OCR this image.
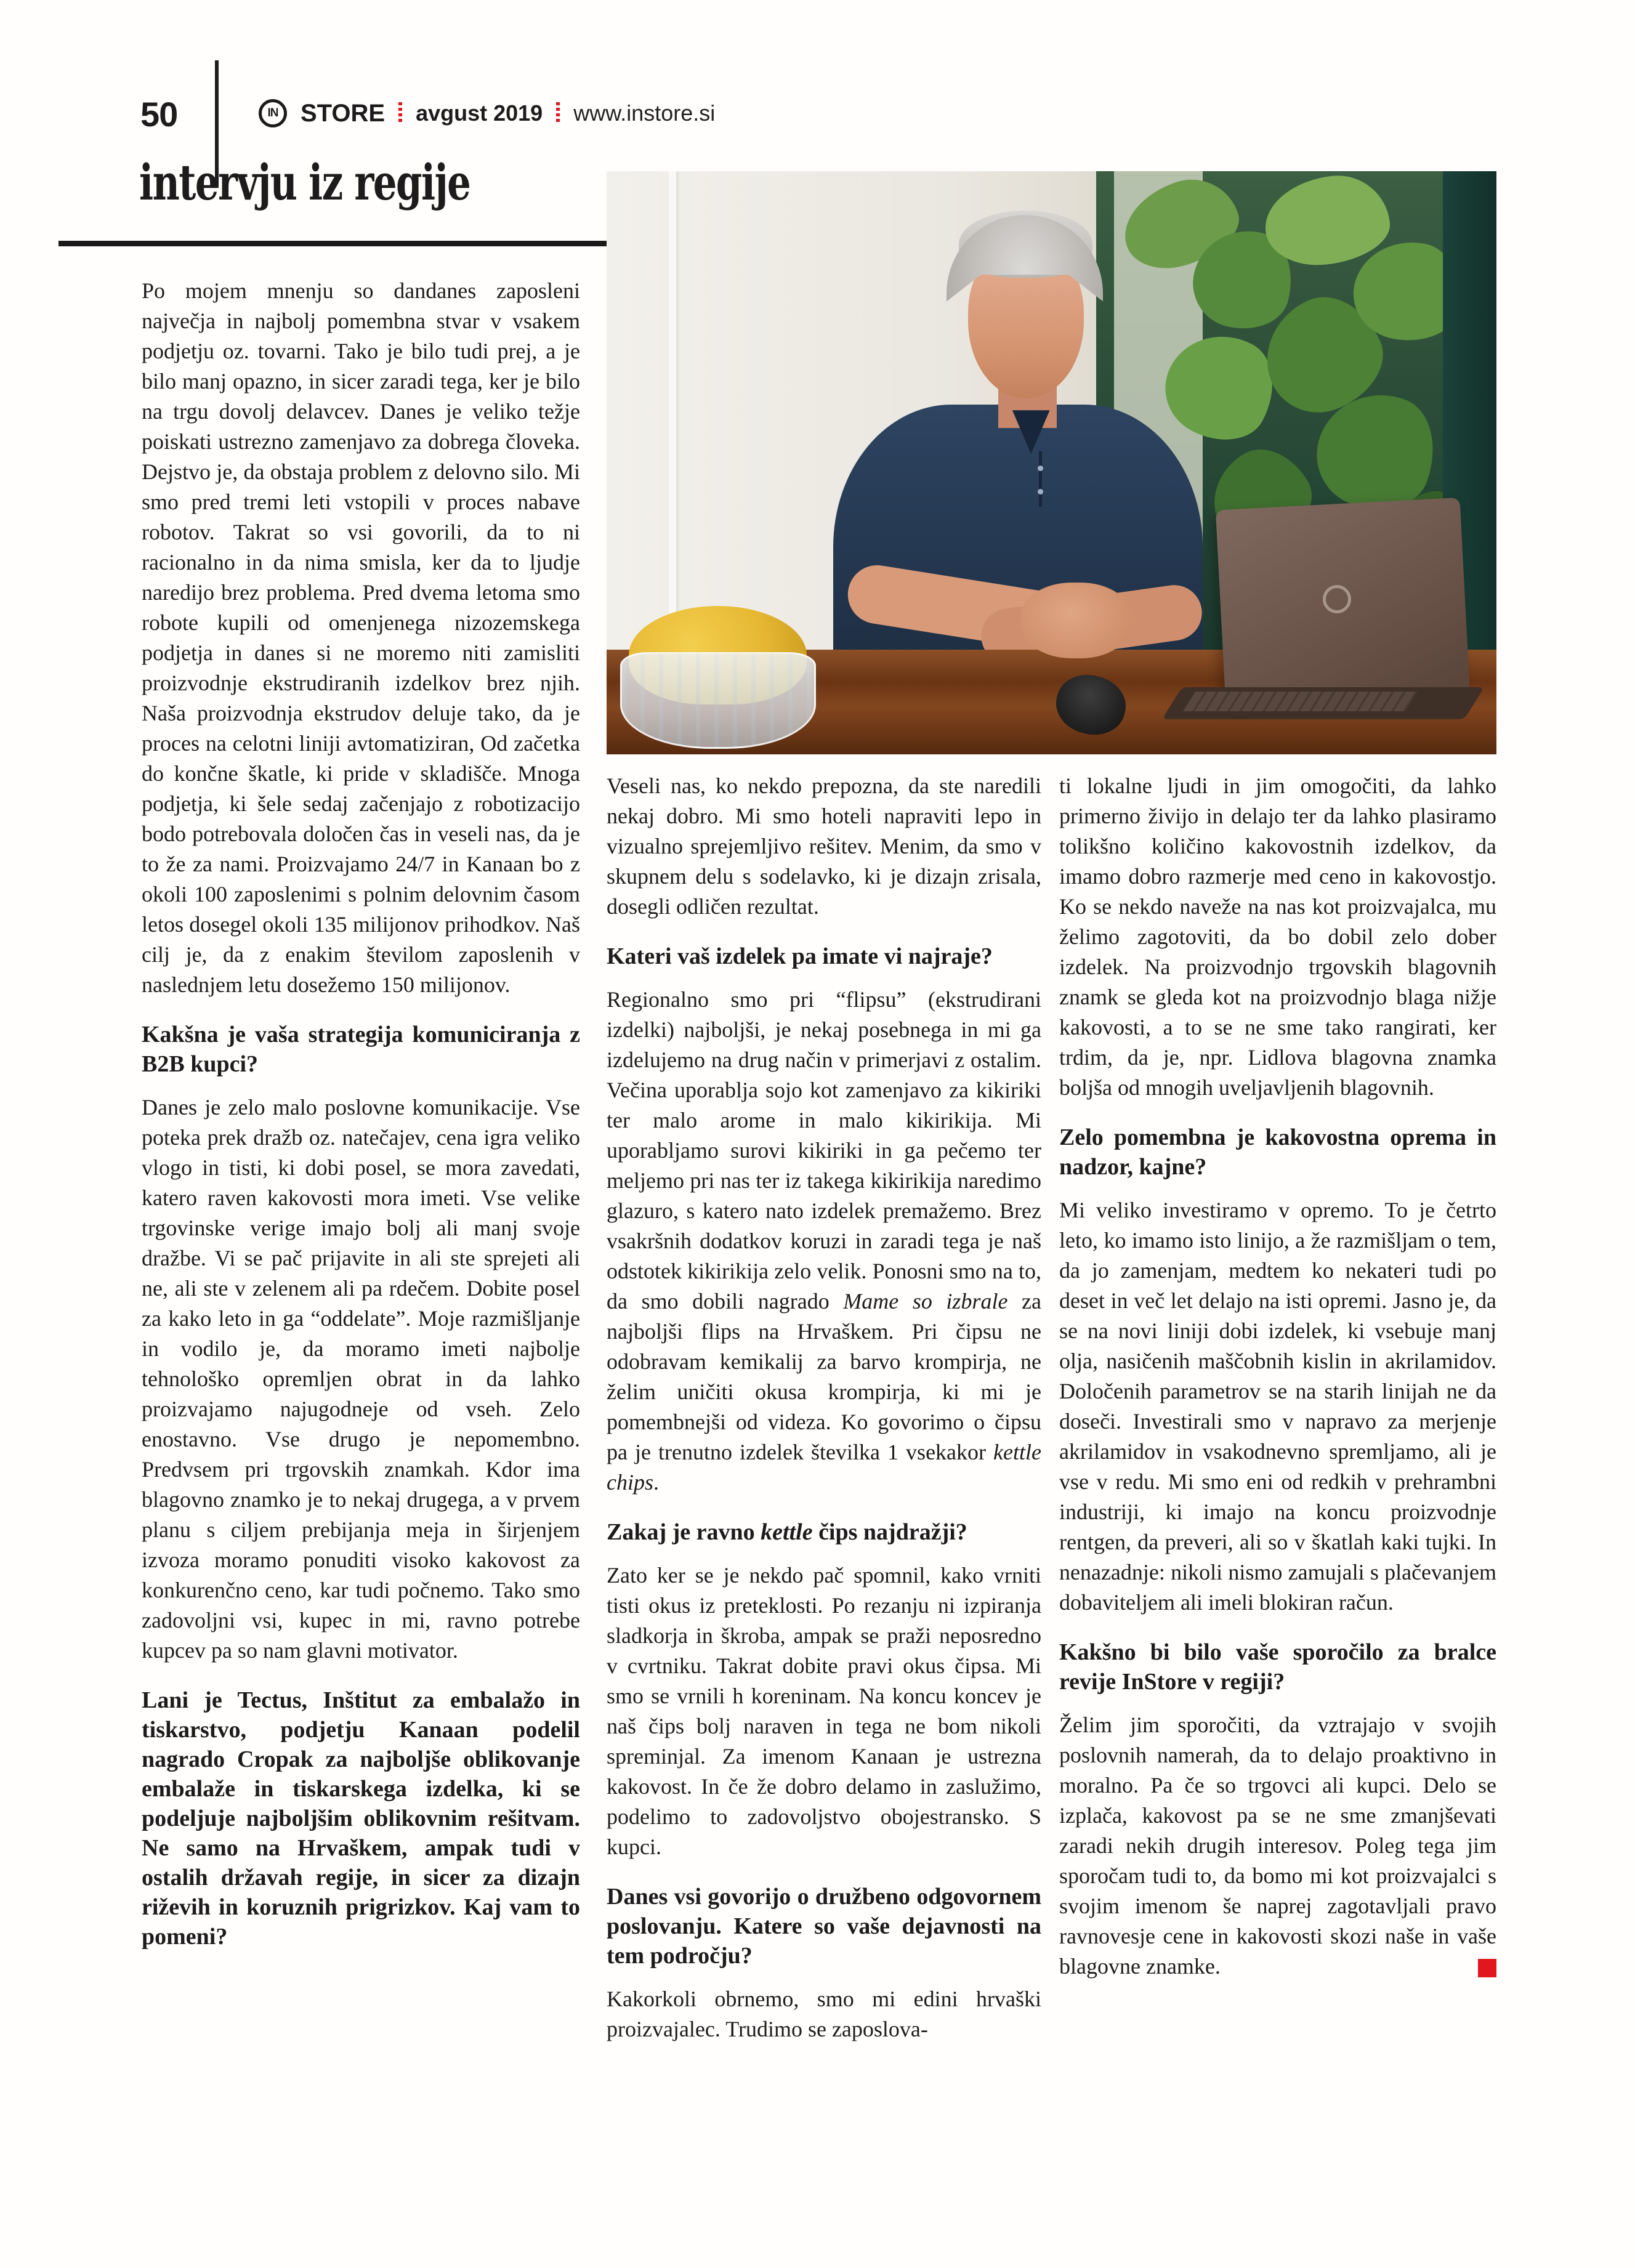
50	IN STORE avgust 2019 www.instore.si
intervju iz regije

Po mojem mnenju so dandanes zaposleni največja in najbolj pomembna stvar v vsakem podjetju oz. tovarni. Tako je bilo tudi prej, a je bilo manj opazno, in sicer zaradi tega, ker je bilo na trgu dovolj delavcev. Danes je veliko težje poiskati ustrezno zamenjavo za dobrega človeka. Dejstvo je, da obstaja problem z delovno silo. Mi smo pred tremi leti vstopili v proces nabave robotov. Takrat so vsi govorili, da to ni racionalno in da nima smisla, ker da to ljudje naredijo brez problema. Pred dvema letoma smo robote kupili od omenjenega nizozemskega podjetja in danes si ne moremo niti zamisliti proizvodnje ekstrudiranih izdelkov brez njih. Naša proizvodnja ekstrudov deluje tako, da je proces na celotni liniji avtomatiziran, Od začetka do končne škatle, ki pride v skladišče. Mnoga podjetja, ki šele sedaj začenjajo z robotizacijo bodo potrebovala določen čas in veseli nas, da je to že za nami. Proizvajamo 24/7 in Kanaan bo z okoli 100 zaposlenimi s polnim delovnim časom letos dosegel okoli 135 milijonov prihodkov. Naš cilj je, da z enakim številom zaposlenih v naslednjem letu dosežemo 150 milijonov.

Kakšna je vaša strategija komuniciranja z B2B kupci?

Danes je zelo malo poslovne komunikacije. Vse poteka prek dražb oz. natečajev, cena igra veliko vlogo in tisti, ki dobi posel, se mora zavedati, katero raven kakovosti mora imeti. Vse velike trgovinske verige imajo bolj ali manj svoje dražbe. Vi se pač prijavite in ali ste sprejeti ali ne, ali ste v zelenem ali pa rdečem. Dobite posel za kako leto in ga “oddelate”. Moje razmišljanje in vodilo je, da moramo imeti najbolje tehnološko opremljen obrat in da lahko proizvajamo najugodneje od vseh. Zelo enostavno. Vse drugo je nepomembno. Predvsem pri trgovskih znamkah. Kdor ima blagovno znamko je to nekaj drugega, a v prvem planu s ciljem prebijanja meja in širjenjem izvoza moramo ponuditi visoko kakovost za konkurenčno ceno, kar tudi počnemo. Tako smo zadovoljni vsi, kupec in mi, ravno potrebe kupcev pa so nam glavni motivator.

Lani je Tectus, Inštitut za embalažo in tiskarstvo, podjetju Kanaan podelil nagrado Cropak za najboljše oblikovanje embalaže in tiskarskega izdelka, ki se podeljuje najboljšim oblikovnim rešitvam. Ne samo na Hrvaškem, ampak tudi v ostalih državah regije, in sicer za dizajn riževih in koruznih prigrizkov. Kaj vam to pomeni?

Veseli nas, ko nekdo prepozna, da ste naredili nekaj dobro. Mi smo hoteli napraviti lepo in vizualno sprejemljivo rešitev. Menim, da smo v skupnem delu s sodelavko, ki je dizajn zrisala, dosegli odličen rezultat.

Kateri vaš izdelek pa imate vi najraje?

Regionalno smo pri “flipsu” (ekstrudirani izdelki) najboljši, je nekaj posebnega in mi ga izdelujemo na drug način v primerjavi z ostalim. Večina uporablja sojo kot zamenjavo za kikiriki ter malo arome in malo kikirikija. Mi uporabljamo surovi kikiriki in ga pečemo ter meljemo pri nas ter iz takega kikirikija naredimo glazuro, s katero nato izdelek premažemo. Brez vsakršnih dodatkov koruzi in zaradi tega je naš odstotek kikirikija zelo velik. Ponosni smo na to, da smo dobili nagrado Mame so izbrale za najboljši flips na Hrvaškem. Pri čipsu ne odobravam kemikalij za barvo krompirja, ne želim uničiti okusa krompirja, ki mi je pomembnejši od videza. Ko govorimo o čipsu pa je trenutno izdelek številka 1 vsekakor kettle chips.

Zakaj je ravno kettle čips najdražji?

Zato ker se je nekdo pač spomnil, kako vrniti tisti okus iz preteklosti. Po rezanju ni izpiranja sladkorja in škroba, ampak se praži neposredno v cvrtniku. Takrat dobite pravi okus čipsa. Mi smo se vrnili h koreninam. Na koncu koncev je naš čips bolj naraven in tega ne bom nikoli spreminjal. Za imenom Kanaan je ustrezna kakovost. In če že dobro delamo in zaslužimo, podelimo to zadovoljstvo obojestransko. S kupci.

Danes vsi govorijo o družbeno odgovornem poslovanju. Katere so vaše dejavnosti na tem področju?

Kakorkoli obrnemo, smo mi edini hrvaški proizvajalec. Trudimo se zaposlova-

ti lokalne ljudi in jim omogočiti, da lahko primerno živijo in delajo ter da lahko plasiramo tolikšno količino kakovostnih izdelkov, da imamo dobro razmerje med ceno in kakovostjo. Ko se nekdo naveže na nas kot proizvajalca, mu želimo zagotoviti, da bo dobil zelo dober izdelek. Na proizvodnjo trgovskih blagovnih znamk se gleda kot na proizvodnjo blaga nižje kakovosti, a to se ne sme tako rangirati, ker trdim, da je, npr. Lidlova blagovna znamka boljša od mnogih uveljavljenih blagovnih.

Zelo pomembna je kakovostna oprema in nadzor, kajne?

Mi veliko investiramo v opremo. To je četrto leto, ko imamo isto linijo, a že razmišljam o tem, da jo zamenjam, medtem ko nekateri tudi po deset in več let delajo na isti opremi. Jasno je, da se na novi liniji dobi izdelek, ki vsebuje manj olja, nasičenih maščobnih kislin in akrilamidov. Določenih parametrov se na starih linijah ne da doseči. Investirali smo v napravo za merjenje akrilamidov in vsakodnevno spremljamo, ali je vse v redu. Mi smo eni od redkih v prehrambni industriji, ki imajo na koncu proizvodnje rentgen, da preveri, ali so v škatlah kaki tujki. In nenazadnje: nikoli nismo zamujali s plačevanjem dobaviteljem ali imeli blokiran račun.

Kakšno bi bilo vaše sporočilo za bralce revije InStore v regiji?

Želim jim sporočiti, da vztrajajo v svojih poslovnih namerah, da to delajo proaktivno in moralno. Pa če so trgovci ali kupci. Delo se izplača, kakovost pa se ne sme zmanjševati zaradi nekih drugih interesov. Poleg tega jim sporočam tudi to, da bomo mi kot proizvajalci s svojim imenom še naprej zagotavljali pravo ravnovesje cene in kakovosti skozi naše in vaše blagovne znamke.
